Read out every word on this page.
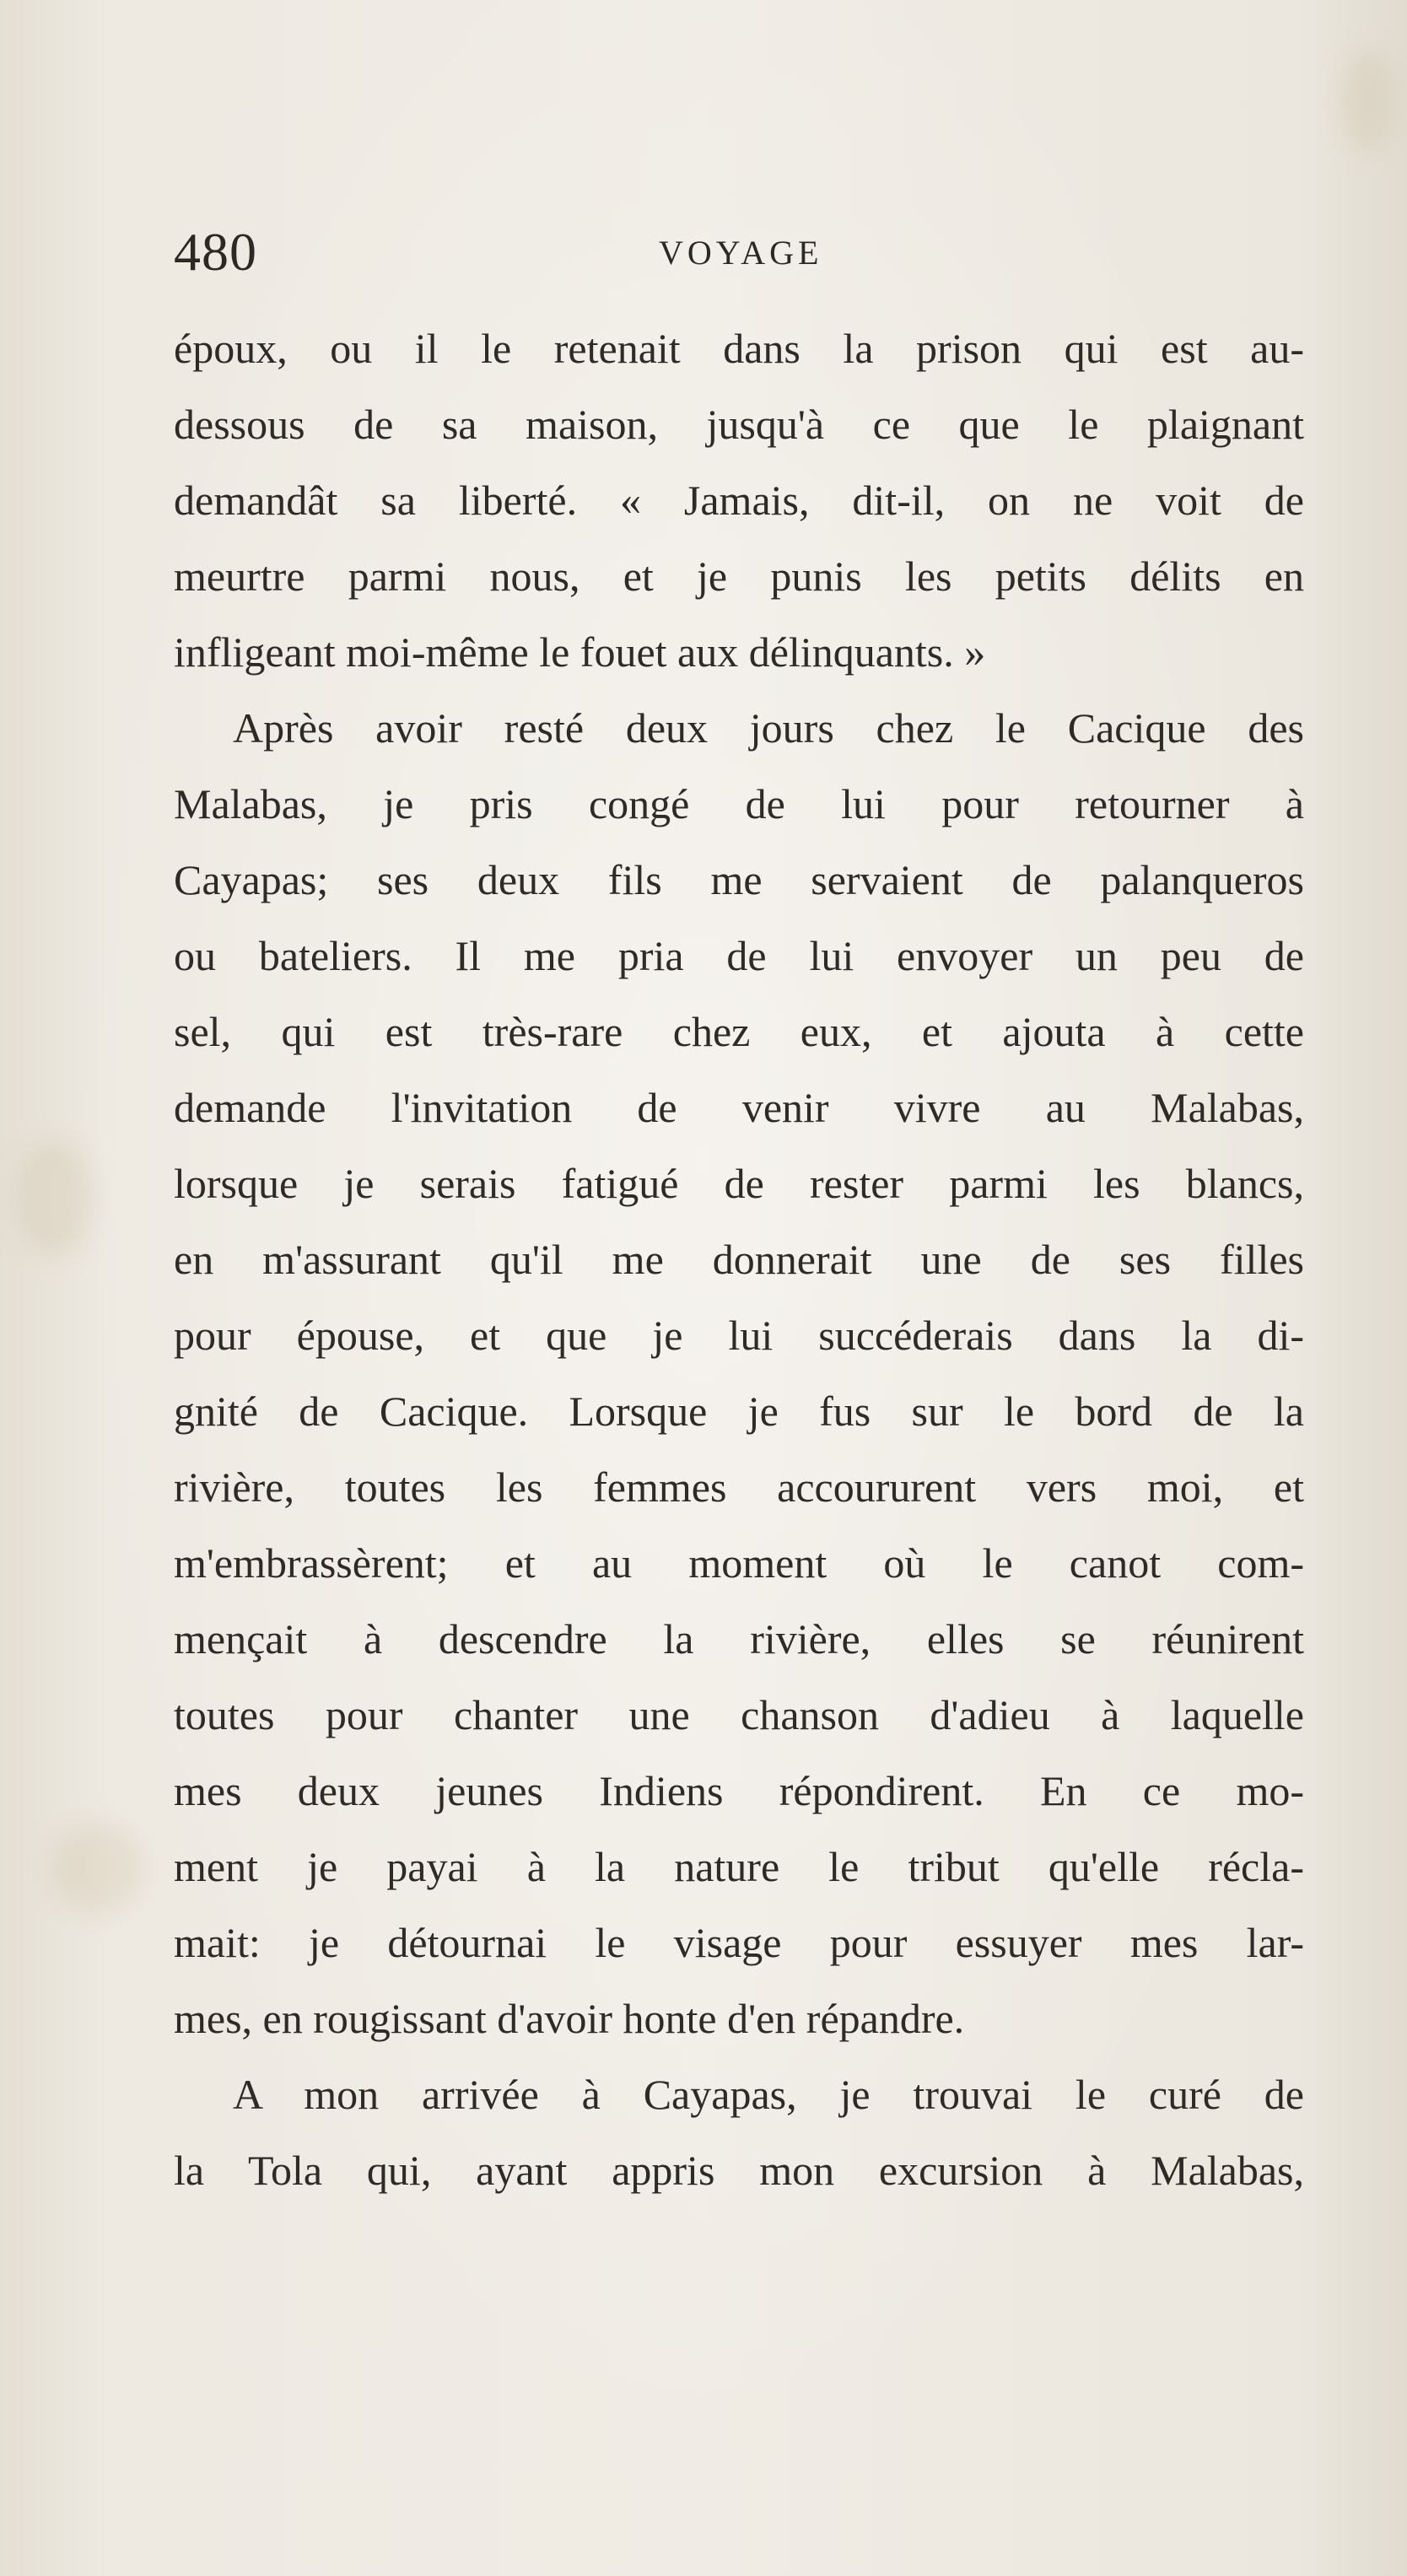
480	VOYAGE

époux, ou il le retenait dans la prison qui est au-
dessous de sa maison, jusqu'à ce que le plaignant
demandât sa liberté. « Jamais, dit-il, on ne voit de
meurtre parmi nous, et je punis les petits délits en
infligeant moi-même le fouet aux délinquants. »

Après avoir resté deux jours chez le Cacique des
Malabas, je pris congé de lui pour retourner à
Cayapas; ses deux fils me servaient de palanqueros
ou bateliers. Il me pria de lui envoyer un peu de
sel, qui est très-rare chez eux, et ajouta à cette
demande l'invitation de venir vivre au Malabas,
lorsque je serais fatigué de rester parmi les blancs,
en m'assurant qu'il me donnerait une de ses filles
pour épouse, et que je lui succéderais dans la di-
gnité de Cacique. Lorsque je fus sur le bord de la
rivière, toutes les femmes accoururent vers moi, et
m'embrassèrent; et au moment où le canot com-
mençait à descendre la rivière, elles se réunirent
toutes pour chanter une chanson d'adieu à laquelle
mes deux jeunes Indiens répondirent. En ce mo-
ment je payai à la nature le tribut qu'elle récla-
mait: je détournai le visage pour essuyer mes lar-
mes, en rougissant d'avoir honte d'en répandre.

A mon arrivée à Cayapas, je trouvai le curé de
la Tola qui, ayant appris mon excursion à Malabas,
